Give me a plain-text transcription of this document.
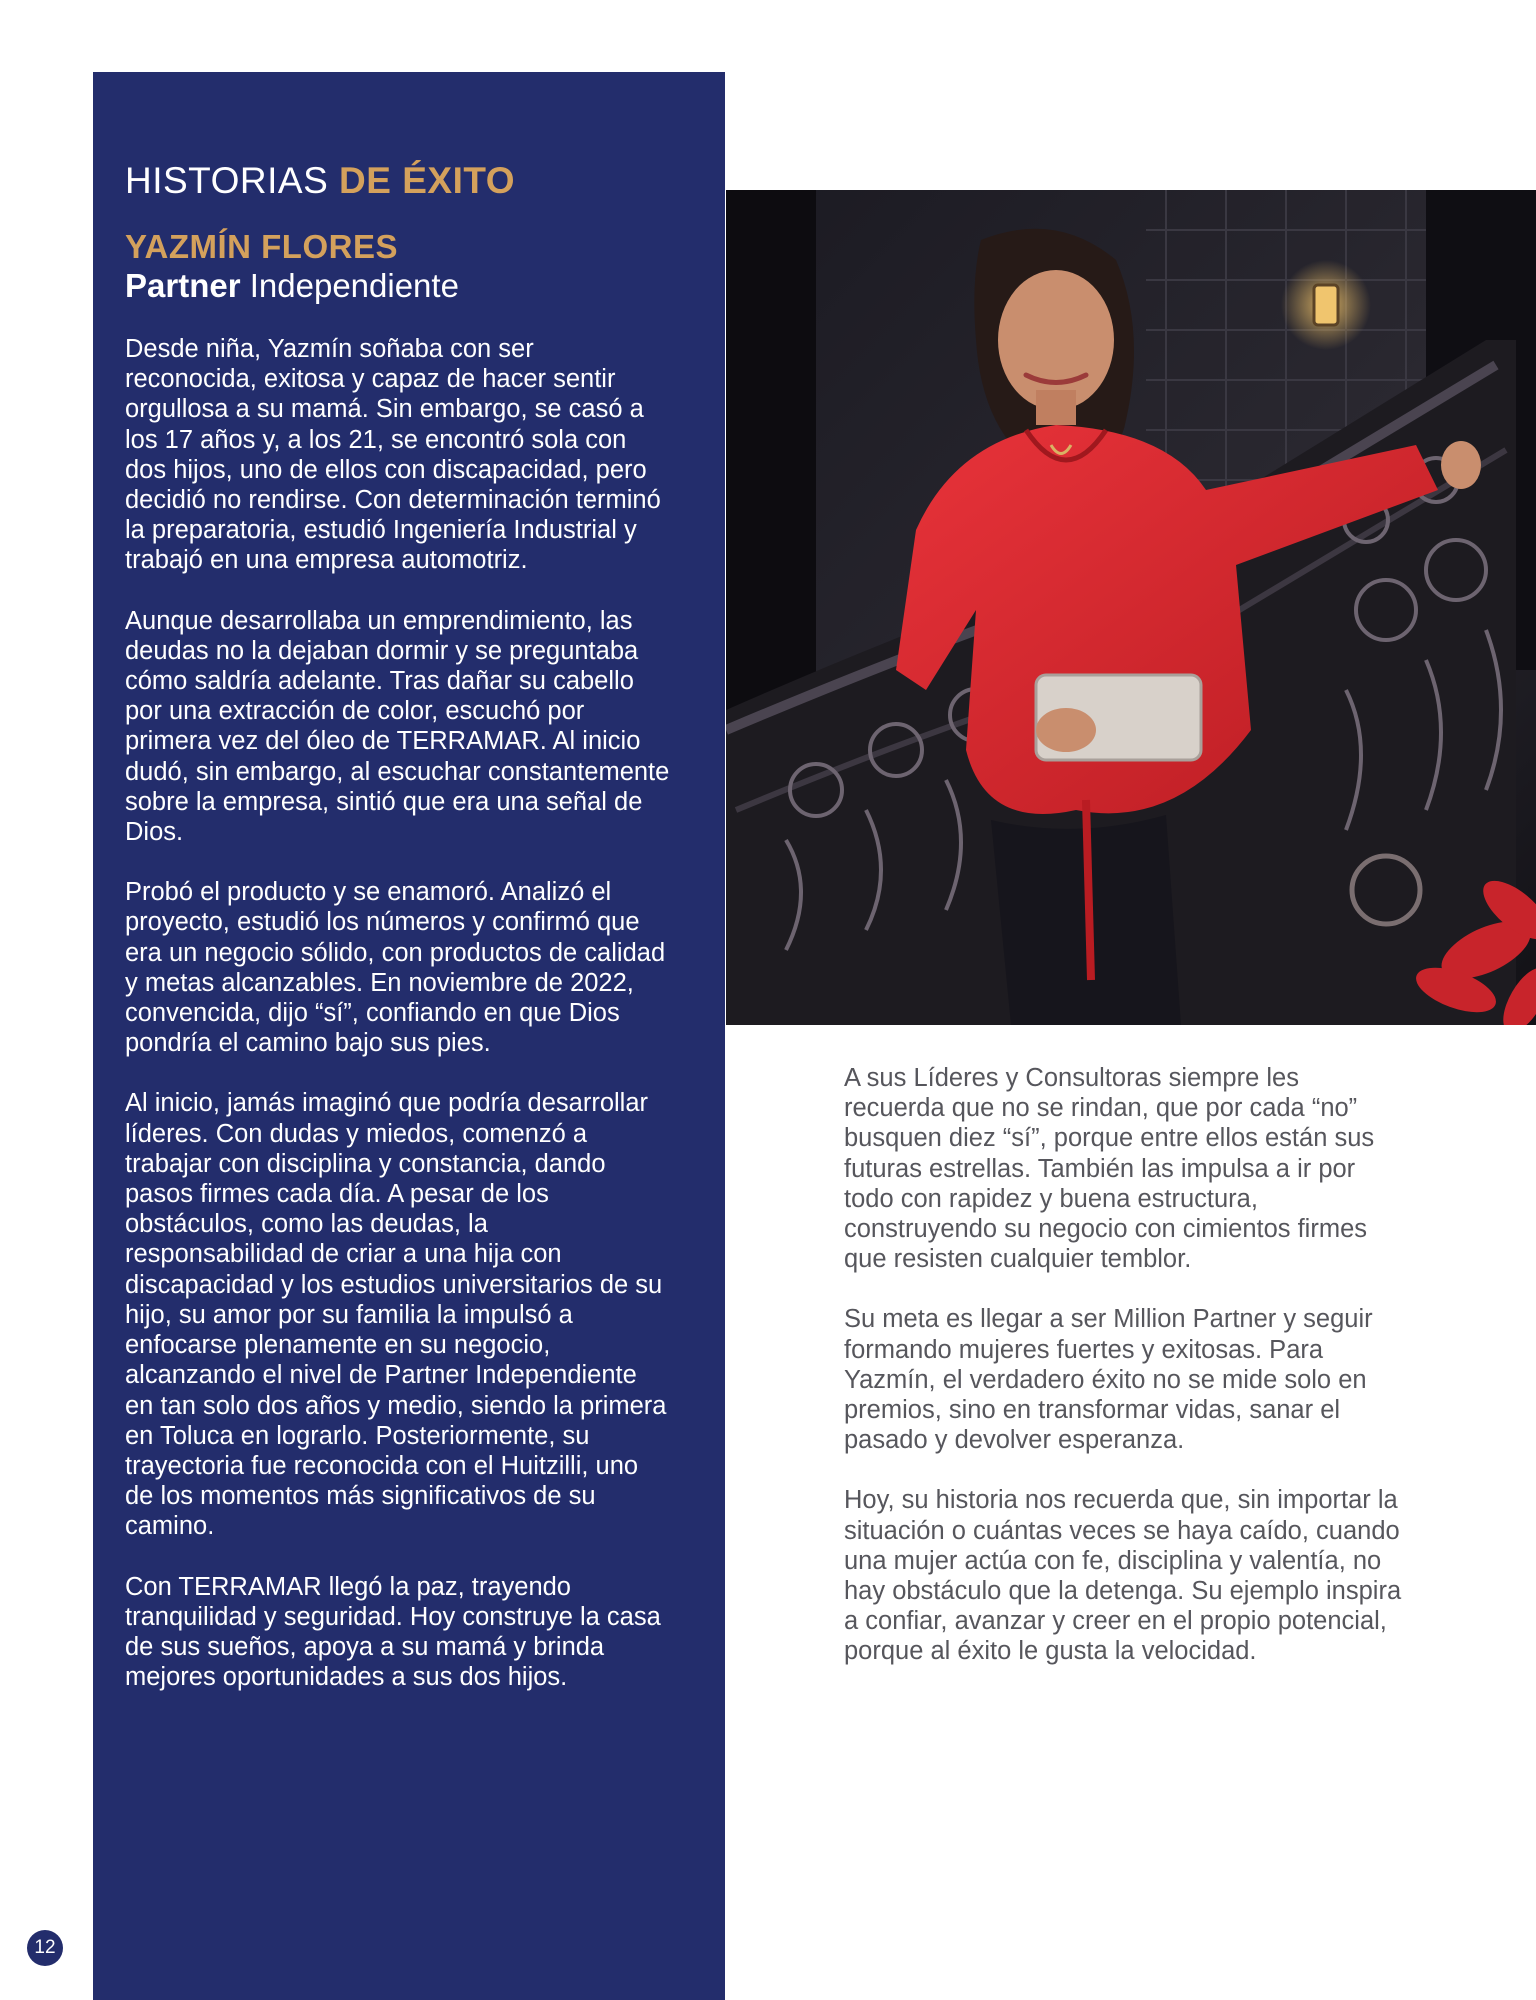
HISTORIAS DE ÉXITO
YAZMÍN FLORES
Partner Independiente

Desde niña, Yazmín soñaba con ser reconocida, exitosa y capaz de hacer sentir orgullosa a su mamá. Sin embargo, se casó a los 17 años y, a los 21, se encontró sola con dos hijos, uno de ellos con discapacidad, pero decidió no rendirse. Con determinación terminó la preparatoria, estudió Ingeniería Industrial y trabajó en una empresa automotriz.

Aunque desarrollaba un emprendimiento, las deudas no la dejaban dormir y se preguntaba cómo saldría adelante. Tras dañar su cabello por una extracción de color, escuchó por primera vez del óleo de TERRAMAR. Al inicio dudó, sin embargo, al escuchar constantemente sobre la empresa, sintió que era una señal de Dios.

Probó el producto y se enamoró. Analizó el proyecto, estudió los números y confirmó que era un negocio sólido, con productos de calidad y metas alcanzables. En noviembre de 2022, convencida, dijo “sí”, confiando en que Dios pondría el camino bajo sus pies.

Al inicio, jamás imaginó que podría desarrollar líderes. Con dudas y miedos, comenzó a trabajar con disciplina y constancia, dando pasos firmes cada día. A pesar de los obstáculos, como las deudas, la responsabilidad de criar a una hija con discapacidad y los estudios universitarios de su hijo, su amor por su familia la impulsó a enfocarse plenamente en su negocio, alcanzando el nivel de Partner Independiente en tan solo dos años y medio, siendo la primera en Toluca en lograrlo. Posteriormente, su trayectoria fue reconocida con el Huitzilli, uno de los momentos más significativos de su camino.

Con TERRAMAR llegó la paz, trayendo tranquilidad y seguridad. Hoy construye la casa de sus sueños, apoya a su mamá y brinda mejores oportunidades a sus dos hijos.

A sus Líderes y Consultoras siempre les recuerda que no se rindan, que por cada “no” busquen diez “sí”, porque entre ellos están sus futuras estrellas. También las impulsa a ir por todo con rapidez y buena estructura, construyendo su negocio con cimientos firmes que resisten cualquier temblor.

Su meta es llegar a ser Million Partner y seguir formando mujeres fuertes y exitosas. Para Yazmín, el verdadero éxito no se mide solo en premios, sino en transformar vidas, sanar el pasado y devolver esperanza.

Hoy, su historia nos recuerda que, sin importar la situación o cuántas veces se haya caído, cuando una mujer actúa con fe, disciplina y valentía, no hay obstáculo que la detenga. Su ejemplo inspira a confiar, avanzar y creer en el propio potencial, porque al éxito le gusta la velocidad.

12
